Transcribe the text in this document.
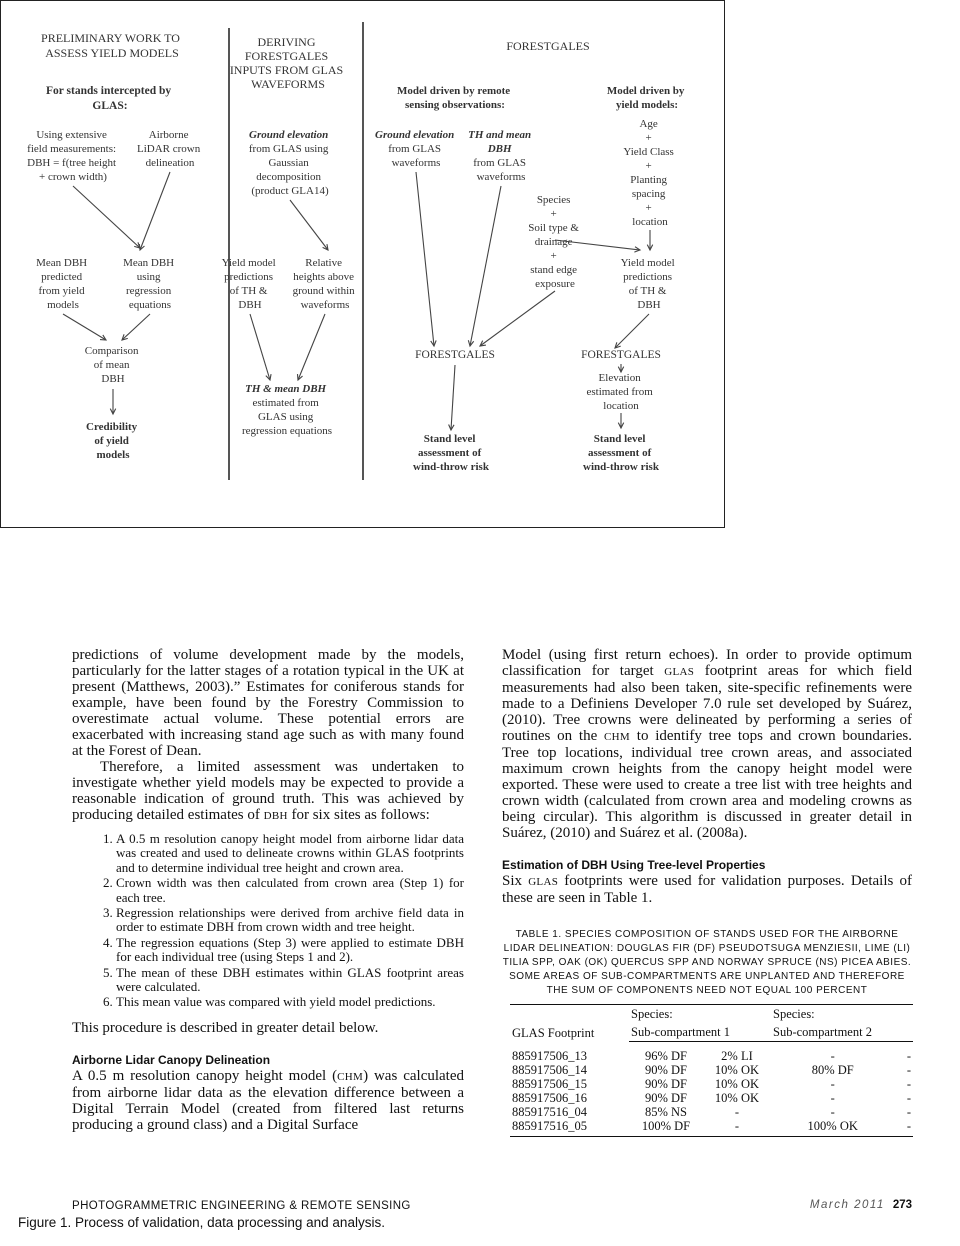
PRELIMINARY WORK TO ASSESS YIELD MODELS
For stands intercepted by GLAS:
Using extensive field measurements: DBH = f(tree height + crown width)
Airborne LiDAR crown delineation
Mean DBH predicted from yield models
Mean DBH using regression equations
Comparison of mean DBH
Credibility of yield models
DERIVING FORESTGALES INPUTS FROM GLAS WAVEFORMS
Ground elevation from GLAS using Gaussian decomposition (product GLA14)
Yield model predictions of TH & DBH
Relative heights above ground within waveforms
TH & mean DBH estimated from GLAS using regression equations
FORESTGALES
Model driven by remote sensing observations:
Model driven by yield models:
Ground elevation from GLAS waveforms
TH and mean DBH from GLAS waveforms
Species + Soil type & drainage + stand edge exposure
Age + Yield Class + Planting spacing + location
Yield model predictions of TH & DBH
FORESTGALES	FORESTGALES
Elevation estimated from location
Stand level assessment of wind-throw risk
Stand level assessment of wind-throw risk
Figure 1. Process of validation, data processing and analysis.

predictions of volume development made by the models, particularly for the latter stages of a rotation typical in the UK at present (Matthews, 2003).” Estimates for coniferous stands for example, have been found by the Forestry Commission to overestimate actual volume. These potential errors are exacerbated with increasing stand age such as with many found at the Forest of Dean.

Therefore, a limited assessment was undertaken to investigate whether yield models may be expected to provide a reasonable indication of ground truth. This was achieved by producing detailed estimates of DBH for six sites as follows:

1. A 0.5 m resolution canopy height model from airborne lidar data was created and used to delineate crowns within GLAS footprints and to determine individual tree height and crown area.
2. Crown width was then calculated from crown area (Step 1) for each tree.
3. Regression relationships were derived from archive field data in order to estimate DBH from crown width and tree height.
4. The regression equations (Step 3) were applied to estimate DBH for each individual tree (using Steps 1 and 2).
5. The mean of these DBH estimates within GLAS footprint areas were calculated.
6. This mean value was compared with yield model predictions.

This procedure is described in greater detail below.

Airborne Lidar Canopy Delineation

A 0.5 m resolution canopy height model (CHM) was calculated from airborne lidar data as the elevation difference between a Digital Terrain Model (created from filtered last returns producing a ground class) and a Digital Surface

Model (using first return echoes). In order to provide optimum classification for target GLAS footprint areas for which field measurements had also been taken, site-specific refinements were made to a Definiens Developer 7.0 rule set developed by Suárez, (2010). Tree crowns were delineated by performing a series of routines on the CHM to identify tree tops and crown boundaries. Tree top locations, individual tree crown areas, and associated maximum crown heights from the canopy height model were exported. These were used to create a tree list with tree heights and crown width (calculated from crown area and modeling crowns as being circular). This algorithm is discussed in greater detail in Suárez, (2010) and Suárez et al. (2008a).

Estimation of DBH Using Tree-level Properties

Six GLAS footprints were used for validation purposes. Details of these are seen in Table 1.

TABLE 1. SPECIES COMPOSITION OF STANDS USED FOR THE AIRBORNE LIDAR DELINEATION: DOUGLAS FIR (DF) PSEUDOTSUGA MENZIESII, LIME (LI) TILIA SPP, OAK (OK) QUERCUS SPP AND NORWAY SPRUCE (NS) PICEA ABIES. SOME AREAS OF SUB-COMPARTMENTS ARE UNPLANTED AND THEREFORE THE SUM OF COMPONENTS NEED NOT EQUAL 100 PERCENT
GLAS Footprint	Species:		Species:	
	Sub-compartment 1		Sub-compartment 2	
885917506_13	96% DF	2% LI	-	-
885917506_14	90% DF	10% OK	80% DF	-
885917506_15	90% DF	10% OK	-	-
885917506_16	90% DF	10% OK	-	-
885917516_04	85% NS	-	-	-
885917516_05	100% DF	-	100% OK	-
PHOTOGRAMMETRIC ENGINEERING & REMOTE SENSING	March 2011 273
